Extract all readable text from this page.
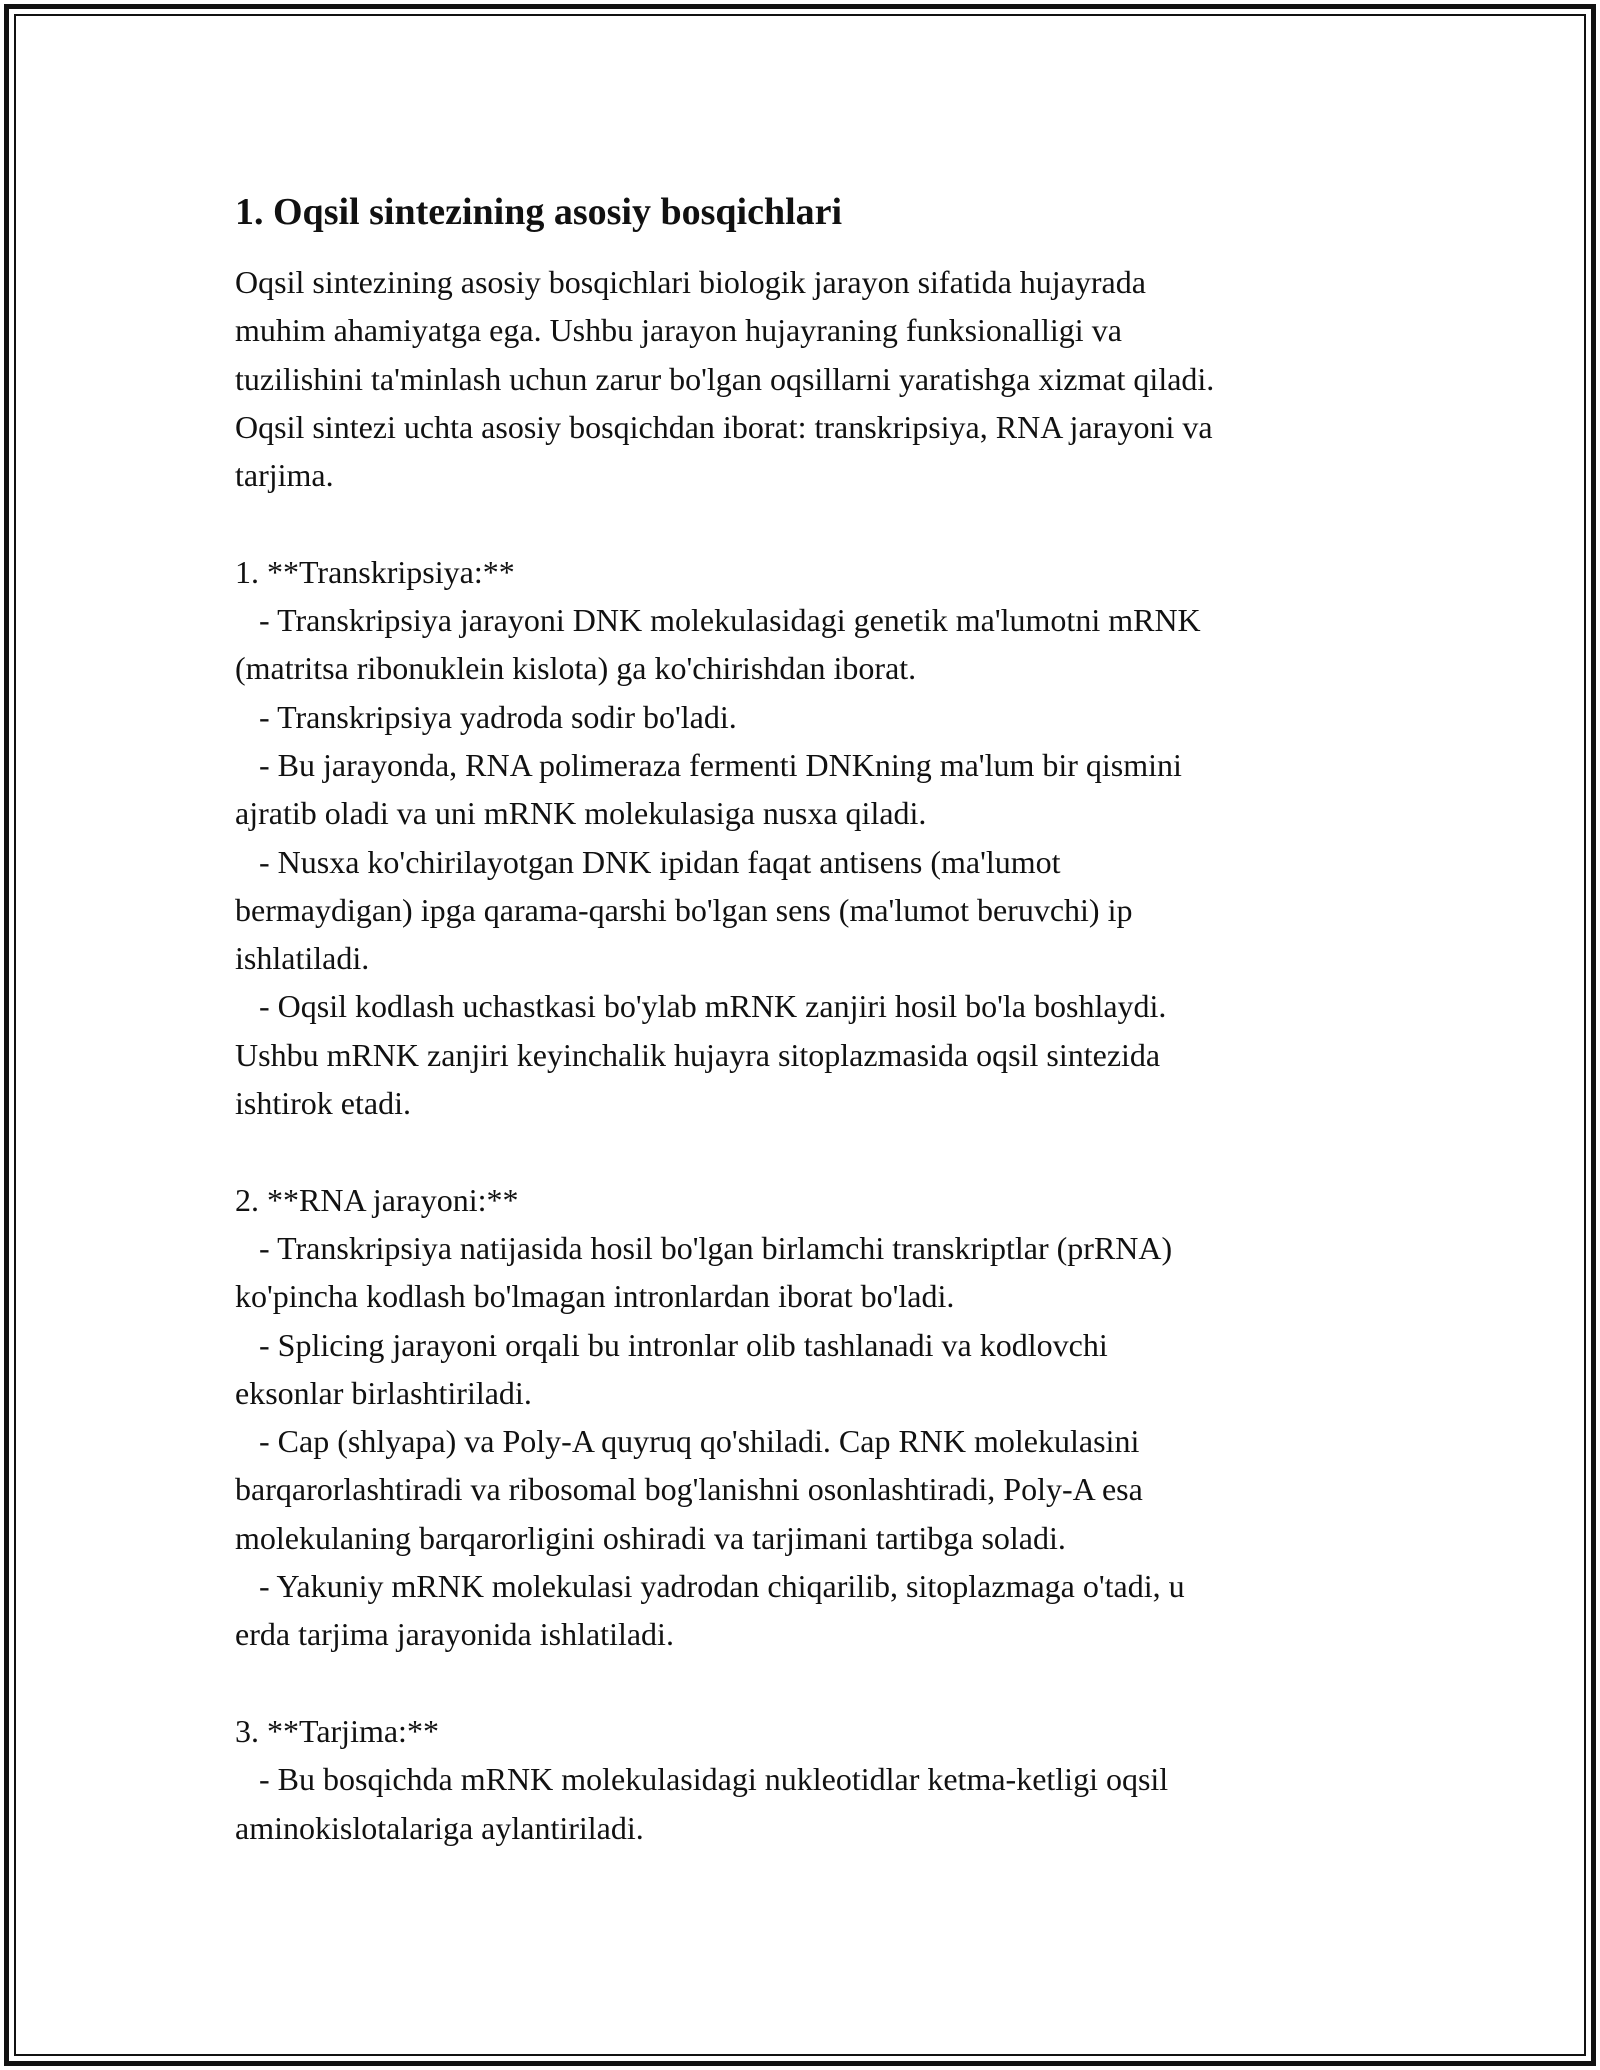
1. Oqsil sintezining asosiy bosqichlari
Oqsil sintezining asosiy bosqichlari biologik jarayon sifatida hujayrada
muhim ahamiyatga ega. Ushbu jarayon hujayraning funksionalligi va
tuzilishini ta'minlash uchun zarur bo'lgan oqsillarni yaratishga xizmat qiladi.
Oqsil sintezi uchta asosiy bosqichdan iborat: transkripsiya, RNA jarayoni va
tarjima.
1. **Transkripsiya:**
- Transkripsiya jarayoni DNK molekulasidagi genetik ma'lumotni mRNK
(matritsa ribonuklein kislota) ga ko'chirishdan iborat.
- Transkripsiya yadroda sodir bo'ladi.
- Bu jarayonda, RNA polimeraza fermenti DNKning ma'lum bir qismini
ajratib oladi va uni mRNK molekulasiga nusxa qiladi.
- Nusxa ko'chirilayotgan DNK ipidan faqat antisens (ma'lumot
bermaydigan) ipga qarama-qarshi bo'lgan sens (ma'lumot beruvchi) ip
ishlatiladi.
- Oqsil kodlash uchastkasi bo'ylab mRNK zanjiri hosil bo'la boshlaydi.
Ushbu mRNK zanjiri keyinchalik hujayra sitoplazmasida oqsil sintezida
ishtirok etadi.
2. **RNA jarayoni:**
- Transkripsiya natijasida hosil bo'lgan birlamchi transkriptlar (prRNA)
ko'pincha kodlash bo'lmagan intronlardan iborat bo'ladi.
- Splicing jarayoni orqali bu intronlar olib tashlanadi va kodlovchi
eksonlar birlashtiriladi.
- Cap (shlyapa) va Poly-A quyruq qo'shiladi. Cap RNK molekulasini
barqarorlashtiradi va ribosomal bog'lanishni osonlashtiradi, Poly-A esa
molekulaning barqarorligini oshiradi va tarjimani tartibga soladi.
- Yakuniy mRNK molekulasi yadrodan chiqarilib, sitoplazmaga o'tadi, u
erda tarjima jarayonida ishlatiladi.
3. **Tarjima:**
- Bu bosqichda mRNK molekulasidagi nukleotidlar ketma-ketligi oqsil
aminokislotalariga aylantiriladi.
